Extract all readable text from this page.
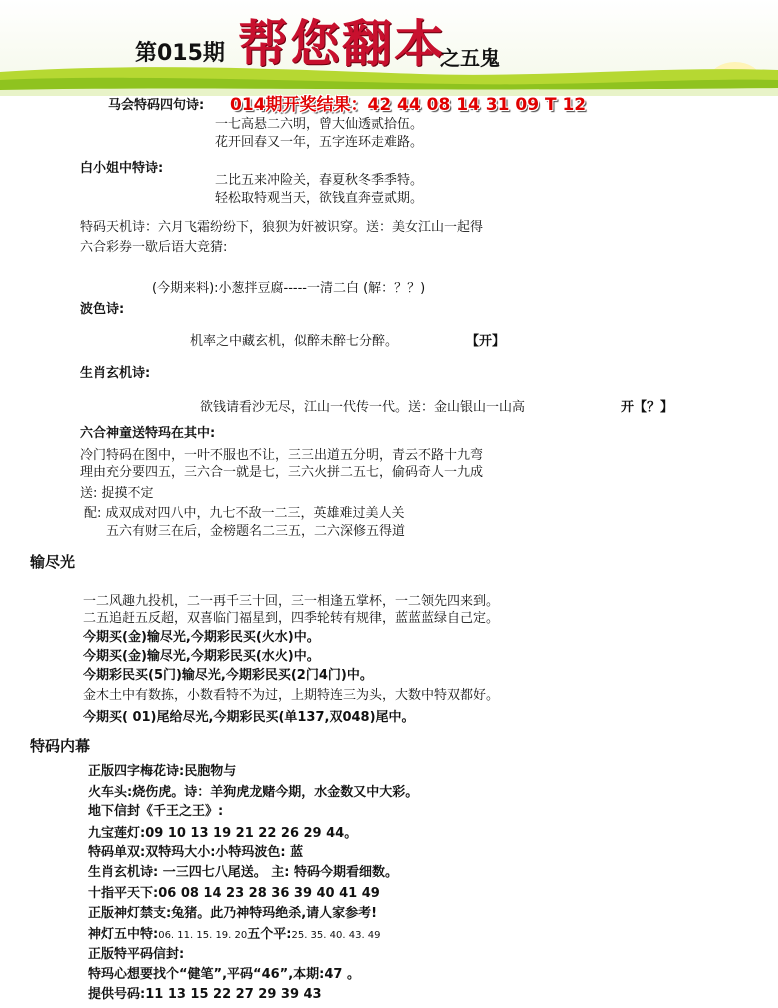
第015期 帮您翻本
之五鬼
马会特码四句诗: 014期开奖结果：42 44 08 14 31 09 T 12
一七高悬二六明，曾大仙透贰拾伍。
花开回春又一年，五字连环走难路。
白小姐中特诗:
二比五来冲险关，春夏秋冬季季特。
轻松取特观当天，欲钱直奔壹贰期。
特码天机诗：六月飞霜纷纷下，狼狈为奸被识穿。送：美女江山一起得
六合彩券一歇后语大竞猜:
(今期来料):小葱拌豆腐-----一清二白 (解：？？)
波色诗:
机率之中藏玄机，似醉未醉七分醉。	【开】
生肖玄机诗:
欲钱请看沙无尽，江山一代传一代。送：金山银山一山高	开【？】
六合神童送特玛在其中:
冷门特码在图中，一叶不服也不让，三三出道五分明，青云不路十九弯
理由充分要四五，三六合一就是七，三六火拼二五七，偷码奇人一九成
送: 捉摸不定
配: 成双成对四八中，九七不敌一二三，英雄难过美人关
五六有财三在后，金榜题名二三五，二六深修五得道
输尽光
一二风趣九投机，二一再千三十回，三一相逢五掌杯，一二领先四来到。
二五追赶五反超，双喜临门福星到，四季轮转有规律，蓝蓝蓝绿自己定。
今期买(金)输尽光,今期彩民买(火水)中。
今期买(金)输尽光,今期彩民买(水火)中。
今期彩民买(5门)输尽光,今期彩民买(2门4门)中。
金木土中有数拣，小数看特不为过，上期特连三为头，大数中特双都好。
今期买( 01)尾给尽光,今期彩民买(单137,双048)尾中。
特码内幕
正版四字梅花诗:民胞物与
火车头:烧伤虎。诗：羊狗虎龙赌今期，水金数又中大彩。
地下信封《千王之王》:
九宝莲灯:09 10 13 19 21 22 26 29 44。
特码单双:双特玛大小:小特玛波色: 蓝
生肖玄机诗: 一三四七八尾送。 主: 特码今期看细数。
十指平天下:06 08 14 23 28 36 39 40 41 49
正版神灯禁支:兔猪。此乃神特玛绝杀,请人家参考!
神灯五中特:06. 11. 15. 19. 20五个平:25. 35. 40. 43. 49
正版特平码信封:
特玛心想要找个“健笔”,平码“46”,本期:47 。
提供号码:11 13 15 22 27 29 39 43
